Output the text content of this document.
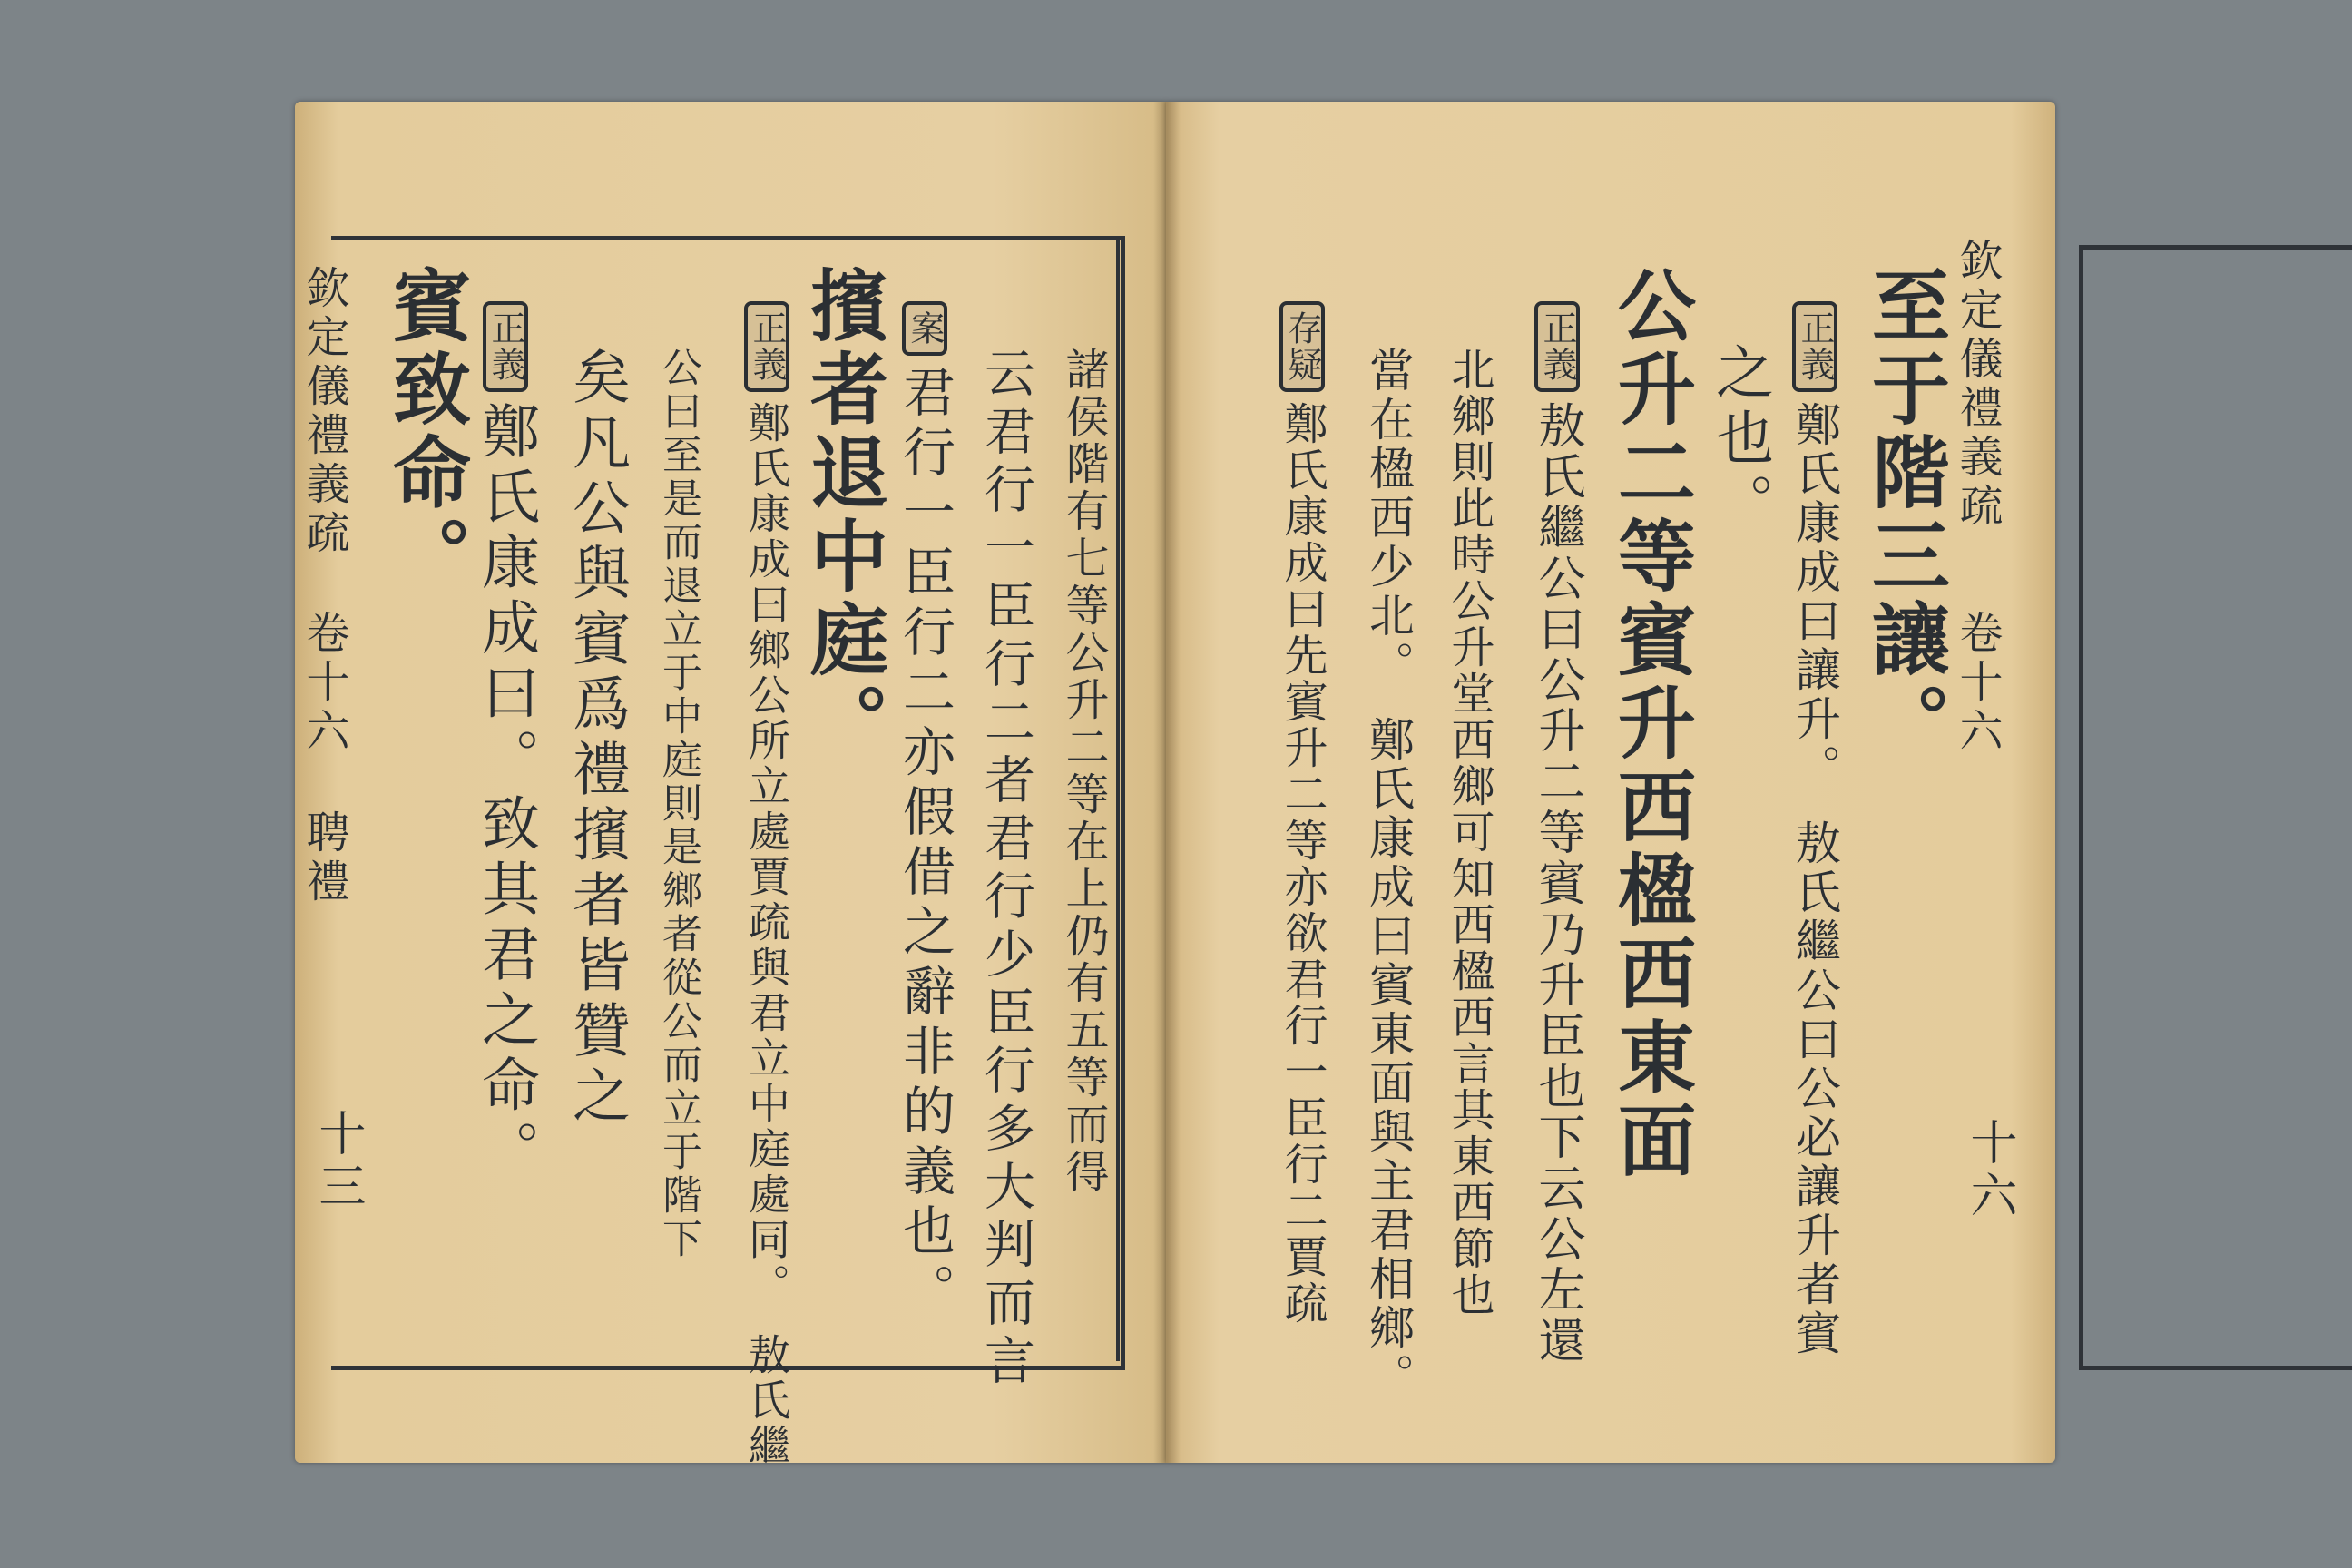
欽定儀禮義疏
卷十六
聘禮
十三
賓致命。 正義鄭氏康成曰。致其君之命。 矣凡公與賓爲禮擯者皆贊之 公曰至是而退立于中庭則是鄉者從公而立于階下 正義鄭氏康成曰鄉公所立處賈疏與君立中庭處同。　敖氏繼 擯者退中庭。 案君行一臣行二亦假借之辭非的義也。 云君行一臣行二者君行少臣行多大判而言 諸侯階有七等公升二等在上仍有五等而得	欽定儀禮義疏
卷十六
十六
至于階三讓。
正義鄭氏康成曰讓升。　敖氏繼公曰公必讓升者賓
之也。
公升二等賓升西楹西東面
正義敖氏繼公曰公升二等賓乃升臣也下云公左還
北鄉則此時公升堂西鄉可知西楹西言其東西節也
當在楹西少北。　鄭氏康成曰賓東面與主君相鄉。
存疑鄭氏康成曰先賓升二等亦欲君行一臣行二賈疏
